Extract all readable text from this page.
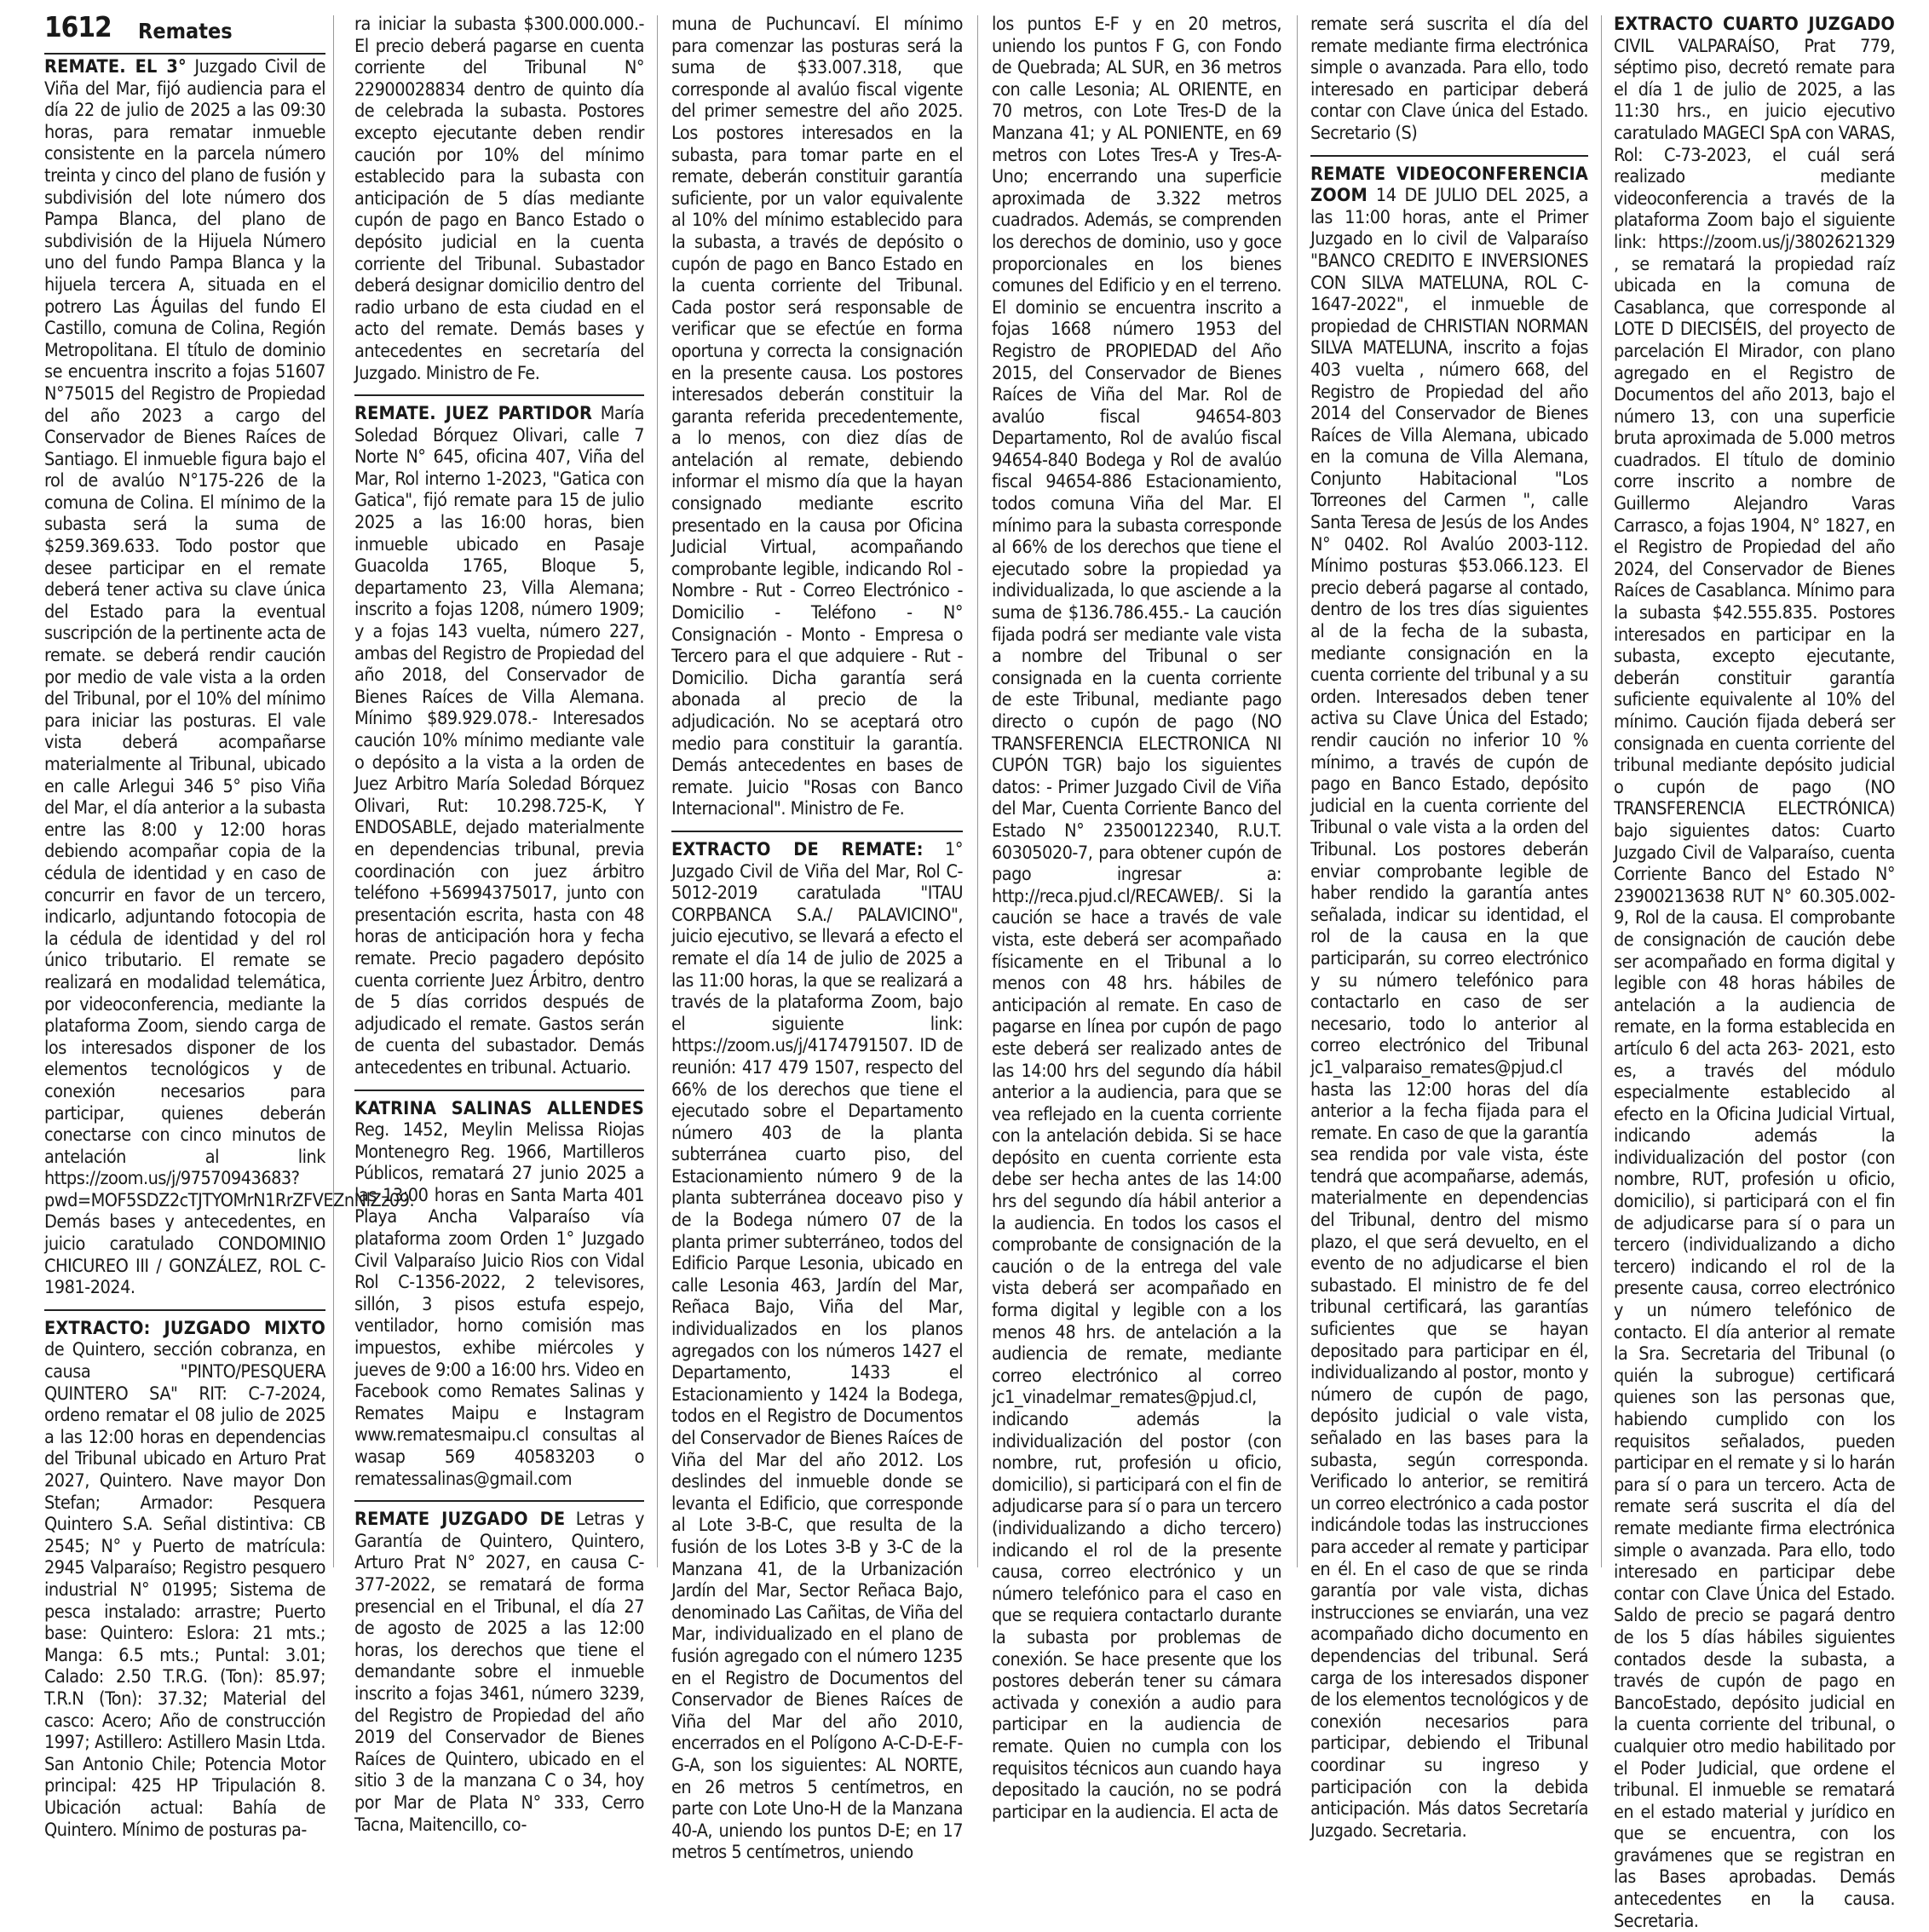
1612 Remates

REMATE. EL 3° Juzgado Civil de Viña del Mar, fijó audiencia para el día 22 de julio de 2025 a las 09:30 horas, para rematar inmueble consistente en la parcela número treinta y cinco del plano de fusión y subdivisión del lote número dos Pampa Blanca, del plano de subdivisión de la Hijuela Número uno del fundo Pampa Blanca y la hijuela tercera A, situada en el potrero Las Águilas del fundo El Castillo, comuna de Colina, Región Metropolitana. El título de dominio se encuentra inscrito a fojas 51607 N°75015 del Registro de Propiedad del año 2023 a cargo del Conservador de Bienes Raíces de Santiago. El inmueble figura bajo el rol de avalúo N°175-226 de la comuna de Colina. El mínimo de la subasta será la suma de $259.369.633. Todo postor que desee participar en el remate deberá tener activa su clave única del Estado para la eventual suscripción de la pertinente acta de remate. se deberá rendir caución por medio de vale vista a la orden del Tribunal, por el 10% del mínimo para iniciar las posturas. El vale vista deberá acompañarse materialmente al Tribunal, ubicado en calle Arlegui 346 5° piso Viña del Mar, el día anterior a la subasta entre las 8:00 y 12:00 horas debiendo acompañar copia de la cédula de identidad y en caso de concurrir en favor de un tercero, indicarlo, adjuntando fotocopia de la cédula de identidad y del rol único tributario. El remate se realizará en modalidad telemática, por videoconferencia, mediante la plataforma Zoom, siendo carga de los interesados disponer de los elementos tecnológicos y de conexión necesarios para participar, quienes deberán conectarse con cinco minutos de antelación al link https://zoom.us/j/97570943683?pwd=MOF5SDZ2cTJTYOMrN1RrZFVEZnNlZz09. Demás bases y antecedentes, en juicio caratulado CONDOMINIO CHICUREO III / GONZÁLEZ, ROL C-1981-2024.

EXTRACTO: JUZGADO MIXTO de Quintero, sección cobranza, en causa "PINTO/PESQUERA QUINTERO SA" RIT: C-7-2024, ordeno rematar el 08 julio de 2025 a las 12:00 horas en dependencias del Tribunal ubicado en Arturo Prat 2027, Quintero. Nave mayor Don Stefan; Armador: Pesquera Quintero S.A. Señal distintiva: CB 2545; N° y Puerto de matrícula: 2945 Valparaíso; Registro pesquero industrial N° 01995; Sistema de pesca instalado: arrastre; Puerto base: Quintero: Eslora: 21 mts.; Manga: 6.5 mts.; Puntal: 3.01; Calado: 2.50 T.R.G. (Ton): 85.97; T.R.N (Ton): 37.32; Material del casco: Acero; Año de construcción 1997; Astillero: Astillero Masin Ltda. San Antonio Chile; Potencia Motor principal: 425 HP Tripulación 8. Ubicación actual: Bahía de Quintero. Mínimo de posturas pa-

ra iniciar la subasta $300.000.000.- El precio deberá pagarse en cuenta corriente del Tribunal N° 22900028834 dentro de quinto día de celebrada la subasta. Postores excepto ejecutante deben rendir caución por 10% del mínimo establecido para la subasta con anticipación de 5 días mediante cupón de pago en Banco Estado o depósito judicial en la cuenta corriente del Tribunal. Subastador deberá designar domicilio dentro del radio urbano de esta ciudad en el acto del remate. Demás bases y antecedentes en secretaría del Juzgado. Ministro de Fe.

REMATE. JUEZ PARTIDOR María Soledad Bórquez Olivari, calle 7 Norte N° 645, oficina 407, Viña del Mar, Rol interno 1-2023, "Gatica con Gatica", fijó remate para 15 de julio 2025 a las 16:00 horas, bien inmueble ubicado en Pasaje Guacolda 1765, Bloque 5, departamento 23, Villa Alemana; inscrito a fojas 1208, número 1909; y a fojas 143 vuelta, número 227, ambas del Registro de Propiedad del año 2018, del Conservador de Bienes Raíces de Villa Alemana. Mínimo $89.929.078.- Interesados caución 10% mínimo mediante vale o depósito a la vista a la orden de Juez Arbitro María Soledad Bórquez Olivari, Rut: 10.298.725-K, Y ENDOSABLE, dejado materialmente en dependencias tribunal, previa coordinación con juez árbitro teléfono +56994375017, junto con presentación escrita, hasta con 48 horas de anticipación hora y fecha remate. Precio pagadero depósito cuenta corriente Juez Árbitro, dentro de 5 días corridos después de adjudicado el remate. Gastos serán de cuenta del subastador. Demás antecedentes en tribunal. Actuario.

KATRINA SALINAS ALLENDES Reg. 1452, Meylin Melissa Riojas Montenegro Reg. 1966, Martilleros Públicos, rematará 27 junio 2025 a las 13:00 horas en Santa Marta 401 Playa Ancha Valparaíso vía plataforma zoom Orden 1° Juzgado Civil Valparaíso Juicio Rios con Vidal Rol C-1356-2022, 2 televisores, sillón, 3 pisos estufa espejo, ventilador, horno comisión mas impuestos, exhibe miércoles y jueves de 9:00 a 16:00 hrs. Video en Facebook como Remates Salinas y Remates Maipu e Instagram www.rematesmaipu.cl consultas al wasap 569 40583203 o rematessalinas@gmail.com

REMATE JUZGADO DE Letras y Garantía de Quintero, Quintero, Arturo Prat N° 2027, en causa C-377-2022, se rematará de forma presencial en el Tribunal, el día 27 de agosto de 2025 a las 12:00 horas, los derechos que tiene el demandante sobre el inmueble inscrito a fojas 3461, número 3239, del Registro de Propiedad del año 2019 del Conservador de Bienes Raíces de Quintero, ubicado en el sitio 3 de la manzana C o 34, hoy por Mar de Plata N° 333, Cerro Tacna, Maitencillo, co-

muna de Puchuncaví. El mínimo para comenzar las posturas será la suma de $33.007.318, que corresponde al avalúo fiscal vigente del primer semestre del año 2025. Los postores interesados en la subasta, para tomar parte en el remate, deberán constituir garantía suficiente, por un valor equivalente al 10% del mínimo establecido para la subasta, a través de depósito o cupón de pago en Banco Estado en la cuenta corriente del Tribunal. Cada postor será responsable de verificar que se efectúe en forma oportuna y correcta la consignación en la presente causa. Los postores interesados deberán constituir la garanta referida precedentemente, a lo menos, con diez días de antelación al remate, debiendo informar el mismo día que la hayan consignado mediante escrito presentado en la causa por Oficina Judicial Virtual, acompañando comprobante legible, indicando Rol - Nombre - Rut - Correo Electrónico - Domicilio - Teléfono - N° Consignación - Monto - Empresa o Tercero para el que adquiere - Rut - Domicilio. Dicha garantía será abonada al precio de la adjudicación. No se aceptará otro medio para constituir la garantía. Demás antecedentes en bases de remate. Juicio "Rosas con Banco Internacional". Ministro de Fe.

EXTRACTO DE REMATE: 1° Juzgado Civil de Viña del Mar, Rol C-5012-2019 caratulada "ITAU CORPBANCA S.A./ PALAVICINO", juicio ejecutivo, se llevará a efecto el remate el día 14 de julio de 2025 a las 11:00 horas, la que se realizará a través de la plataforma Zoom, bajo el siguiente link: https://zoom.us/j/4174791507. ID de reunión: 417 479 1507, respecto del 66% de los derechos que tiene el ejecutado sobre el Departamento número 403 de la planta subterránea cuarto piso, del Estacionamiento número 9 de la planta subterránea doceavo piso y de la Bodega número 07 de la planta primer subterráneo, todos del Edificio Parque Lesonia, ubicado en calle Lesonia 463, Jardín del Mar, Reñaca Bajo, Viña del Mar, individualizados en los planos agregados con los números 1427 el Departamento, 1433 el Estacionamiento y 1424 la Bodega, todos en el Registro de Documentos del Conservador de Bienes Raíces de Viña del Mar del año 2012. Los deslindes del inmueble donde se levanta el Edificio, que corresponde al Lote 3-B-C, que resulta de la fusión de los Lotes 3-B y 3-C de la Manzana 41, de la Urbanización Jardín del Mar, Sector Reñaca Bajo, denominado Las Cañitas, de Viña del Mar, individualizado en el plano de fusión agregado con el número 1235 en el Registro de Documentos del Conservador de Bienes Raíces de Viña del Mar del año 2010, encerrados en el Polígono A-C-D-E-F-G-A, son los siguientes: AL NORTE, en 26 metros 5 centímetros, en parte con Lote Uno-H de la Manzana 40-A, uniendo los puntos D-E; en 17 metros 5 centímetros, uniendo

los puntos E-F y en 20 metros, uniendo los puntos F G, con Fondo de Quebrada; AL SUR, en 36 metros con calle Lesonia; AL ORIENTE, en 70 metros, con Lote Tres-D de la Manzana 41; y AL PONIENTE, en 69 metros con Lotes Tres-A y Tres-A-Uno; encerrando una superficie aproximada de 3.322 metros cuadrados. Además, se comprenden los derechos de dominio, uso y goce proporcionales en los bienes comunes del Edificio y en el terreno. El dominio se encuentra inscrito a fojas 1668 número 1953 del Registro de PROPIEDAD del Año 2015, del Conservador de Bienes Raíces de Viña del Mar. Rol de avalúo fiscal 94654-803 Departamento, Rol de avalúo fiscal 94654-840 Bodega y Rol de avalúo fiscal 94654-886 Estacionamiento, todos comuna Viña del Mar. El mínimo para la subasta corresponde al 66% de los derechos que tiene el ejecutado sobre la propiedad ya individualizada, lo que asciende a la suma de $136.786.455.- La caución fijada podrá ser mediante vale vista a nombre del Tribunal o ser consignada en la cuenta corriente de este Tribunal, mediante pago directo o cupón de pago (NO TRANSFERENCIA ELECTRONICA NI CUPÓN TGR) bajo los siguientes datos: - Primer Juzgado Civil de Viña del Mar, Cuenta Corriente Banco del Estado N° 23500122340, R.U.T. 60305020-7, para obtener cupón de pago ingresar a: http://reca.pjud.cl/RECAWEB/. Si la caución se hace a través de vale vista, este deberá ser acompañado físicamente en el Tribunal a lo menos con 48 hrs. hábiles de anticipación al remate. En caso de pagarse en línea por cupón de pago este deberá ser realizado antes de las 14:00 hrs del segundo día hábil anterior a la audiencia, para que se vea reflejado en la cuenta corriente con la antelación debida. Si se hace depósito en cuenta corriente esta debe ser hecha antes de las 14:00 hrs del segundo día hábil anterior a la audiencia. En todos los casos el comprobante de consignación de la caución o de la entrega del vale vista deberá ser acompañado en forma digital y legible con a los menos 48 hrs. de antelación a la audiencia de remate, mediante correo electrónico al correo jc1_vinadelmar_remates@pjud.cl, indicando además la individualización del postor (con nombre, rut, profesión u oficio, domicilio), si participará con el fin de adjudicarse para sí o para un tercero (individualizando a dicho tercero) indicando el rol de la presente causa, correo electrónico y un número telefónico para el caso en que se requiera contactarlo durante la subasta por problemas de conexión. Se hace presente que los postores deberán tener su cámara activada y conexión a audio para participar en la audiencia de remate. Quien no cumpla con los requisitos técnicos aun cuando haya depositado la caución, no se podrá participar en la audiencia. El acta de

remate será suscrita el día del remate mediante firma electrónica simple o avanzada. Para ello, todo interesado en participar deberá contar con Clave única del Estado. Secretario (S)

REMATE VIDEOCONFERENCIA ZOOM 14 DE JULIO DEL 2025, a las 11:00 horas, ante el Primer Juzgado en lo civil de Valparaíso "BANCO CREDITO E INVERSIONES CON SILVA MATELUNA, ROL C-1647-2022", el inmueble de propiedad de CHRISTIAN NORMAN SILVA MATELUNA, inscrito a fojas 403 vuelta , número 668, del Registro de Propiedad del año 2014 del Conservador de Bienes Raíces de Villa Alemana, ubicado en la comuna de Villa Alemana, Conjunto Habitacional "Los Torreones del Carmen ", calle Santa Teresa de Jesús de los Andes N° 0402. Rol Avalúo 2003-112. Mínimo posturas $53.066.123. El precio deberá pagarse al contado, dentro de los tres días siguientes al de la fecha de la subasta, mediante consignación en la cuenta corriente del tribunal y a su orden. Interesados deben tener activa su Clave Única del Estado; rendir caución no inferior 10 % mínimo, a través de cupón de pago en Banco Estado, depósito judicial en la cuenta corriente del Tribunal o vale vista a la orden del Tribunal. Los postores deberán enviar comprobante legible de haber rendido la garantía antes señalada, indicar su identidad, el rol de la causa en la que participarán, su correo electrónico y su número telefónico para contactarlo en caso de ser necesario, todo lo anterior al correo electrónico del Tribunal jc1_valparaiso_remates@pjud.cl hasta las 12:00 horas del día anterior a la fecha fijada para el remate. En caso de que la garantía sea rendida por vale vista, éste tendrá que acompañarse, además, materialmente en dependencias del Tribunal, dentro del mismo plazo, el que será devuelto, en el evento de no adjudicarse el bien subastado. El ministro de fe del tribunal certificará, las garantías suficientes que se hayan depositado para participar en él, individualizando al postor, monto y número de cupón de pago, depósito judicial o vale vista, señalado en las bases para la subasta, según corresponda. Verificado lo anterior, se remitirá un correo electrónico a cada postor indicándole todas las instrucciones para acceder al remate y participar en él. En el caso de que se rinda garantía por vale vista, dichas instrucciones se enviarán, una vez acompañado dicho documento en dependencias del tribunal. Será carga de los interesados disponer de los elementos tecnológicos y de conexión necesarios para participar, debiendo el Tribunal coordinar su ingreso y participación con la debida anticipación. Más datos Secretaría Juzgado. Secretaria.

EXTRACTO CUARTO JUZGADO CIVIL VALPARAÍSO, Prat 779, séptimo piso, decretó remate para el día 1 de julio de 2025, a las 11:30 hrs., en juicio ejecutivo caratulado MAGECI SpA con VARAS, Rol: C-73-2023, el cuál será realizado mediante videoconferencia a través de la plataforma Zoom bajo el siguiente link: https://zoom.us/j/3802621329 , se rematará la propiedad raíz ubicada en la comuna de Casablanca, que corresponde al LOTE D DIECISÉIS, del proyecto de parcelación El Mirador, con plano agregado en el Registro de Documentos del año 2013, bajo el número 13, con una superficie bruta aproximada de 5.000 metros cuadrados. El título de dominio corre inscrito a nombre de Guillermo Alejandro Varas Carrasco, a fojas 1904, N° 1827, en el Registro de Propiedad del año 2024, del Conservador de Bienes Raíces de Casablanca. Mínimo para la subasta $42.555.835. Postores interesados en participar en la subasta, excepto ejecutante, deberán constituir garantía suficiente equivalente al 10% del mínimo. Caución fijada deberá ser consignada en cuenta corriente del tribunal mediante depósito judicial o cupón de pago (NO TRANSFERENCIA ELECTRÓNICA) bajo siguientes datos: Cuarto Juzgado Civil de Valparaíso, cuenta Corriente Banco del Estado N° 23900213638 RUT N° 60.305.002-9, Rol de la causa. El comprobante de consignación de caución debe ser acompañado en forma digital y legible con 48 horas hábiles de antelación a la audiencia de remate, en la forma establecida en artículo 6 del acta 263- 2021, esto es, a través del módulo especialmente establecido al efecto en la Oficina Judicial Virtual, indicando además la individualización del postor (con nombre, RUT, profesión u oficio, domicilio), si participará con el fin de adjudicarse para sí o para un tercero (individualizando a dicho tercero) indicando el rol de la presente causa, correo electrónico y un número telefónico de contacto. El día anterior al remate la Sra. Secretaria del Tribunal (o quién la subrogue) certificará quienes son las personas que, habiendo cumplido con los requisitos señalados, pueden participar en el remate y si lo harán para sí o para un tercero. Acta de remate será suscrita el día del remate mediante firma electrónica simple o avanzada. Para ello, todo interesado en participar debe contar con Clave Única del Estado. Saldo de precio se pagará dentro de los 5 días hábiles siguientes contados desde la subasta, a través de cupón de pago en BancoEstado, depósito judicial en la cuenta corriente del tribunal, o cualquier otro medio habilitado por el Poder Judicial, que ordene el tribunal. El inmueble se rematará en el estado material y jurídico en que se encuentra, con los gravámenes que se registran en las Bases aprobadas. Demás antecedentes en la causa. Secretaria.
